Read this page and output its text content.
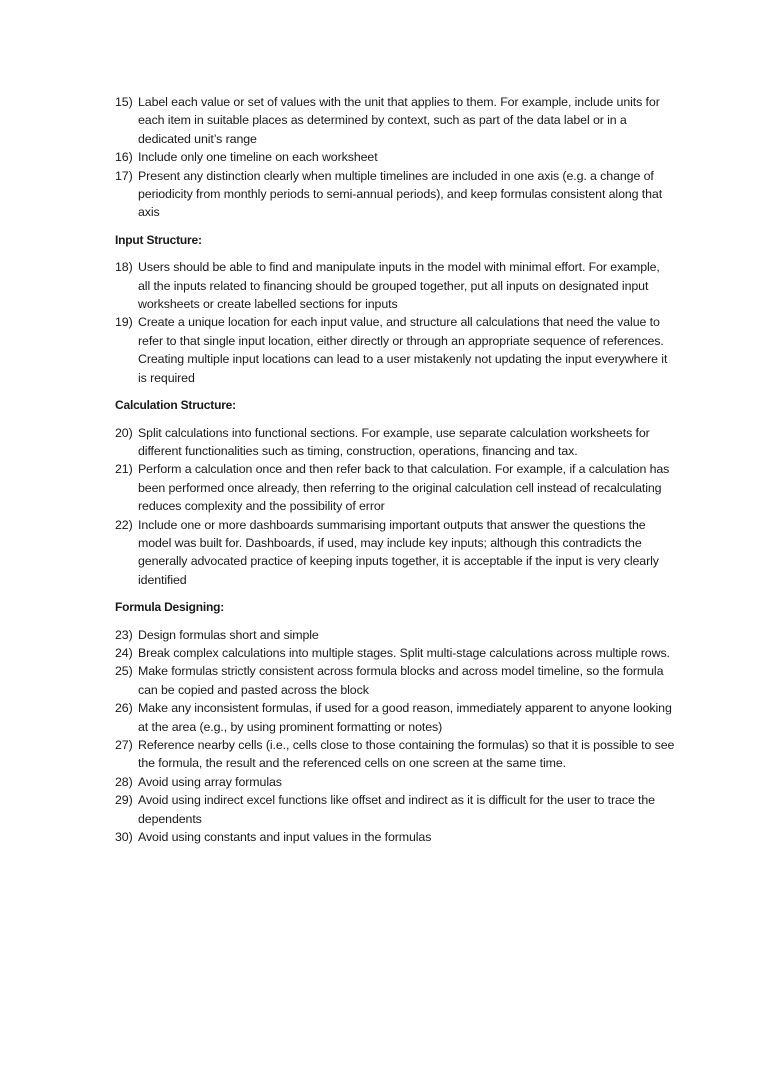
15) Label each value or set of values with the unit that applies to them. For example, include units for each item in suitable places as determined by context, such as part of the data label or in a dedicated unit’s range
16) Include only one timeline on each worksheet
17) Present any distinction clearly when multiple timelines are included in one axis (e.g. a change of periodicity from monthly periods to semi-annual periods), and keep formulas consistent along that axis
Input Structure:
18) Users should be able to find and manipulate inputs in the model with minimal effort. For example, all the inputs related to financing should be grouped together, put all inputs on designated input worksheets or create labelled sections for inputs
19) Create a unique location for each input value, and structure all calculations that need the value to refer to that single input location, either directly or through an appropriate sequence of references. Creating multiple input locations can lead to a user mistakenly not updating the input everywhere it is required
Calculation Structure:
20) Split calculations into functional sections. For example, use separate calculation worksheets for different functionalities such as timing, construction, operations, financing and tax.
21) Perform a calculation once and then refer back to that calculation. For example, if a calculation has been performed once already, then referring to the original calculation cell instead of recalculating reduces complexity and the possibility of error
22) Include one or more dashboards summarising important outputs that answer the questions the model was built for. Dashboards, if used, may include key inputs; although this contradicts the generally advocated practice of keeping inputs together, it is acceptable if the input is very clearly identified
Formula Designing:
23) Design formulas short and simple
24) Break complex calculations into multiple stages. Split multi-stage calculations across multiple rows.
25) Make formulas strictly consistent across formula blocks and across model timeline, so the formula can be copied and pasted across the block
26) Make any inconsistent formulas, if used for a good reason, immediately apparent to anyone looking at the area (e.g., by using prominent formatting or notes)
27) Reference nearby cells (i.e., cells close to those containing the formulas) so that it is possible to see the formula, the result and the referenced cells on one screen at the same time.
28) Avoid using array formulas
29) Avoid using indirect excel functions like offset and indirect as it is difficult for the user to trace the dependents
30) Avoid using constants and input values in the formulas
